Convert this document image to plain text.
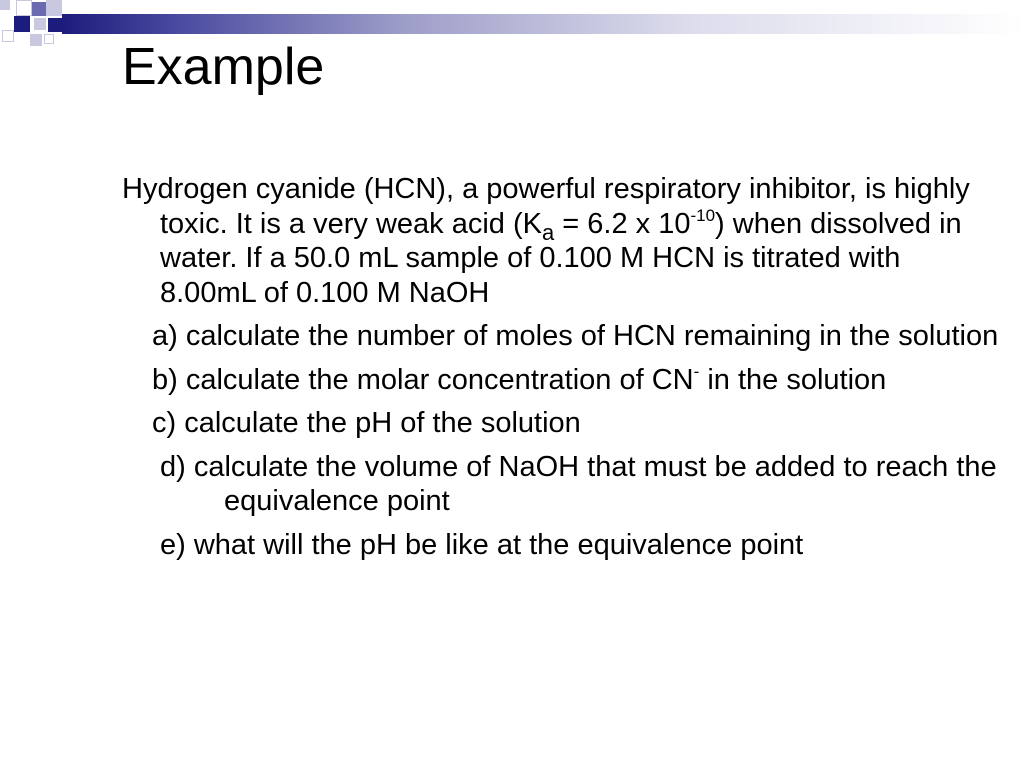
Example

Hydrogen cyanide (HCN), a powerful respiratory inhibitor, is highly toxic. It is a very weak acid ($K_a = 6.2$ x $10^{-10}$) when dissolved in water. If a 50.0 mL sample of 0.100 M HCN is titrated with 8.00mL of 0.100 M NaOH

a) calculate the number of moles of HCN remaining in the solution

b) calculate the molar concentration of CN- in the solution

c) calculate the pH of the solution

d) calculate the volume of NaOH that must be added to reach the equivalence point

e) what will the pH be like at the equivalence point
